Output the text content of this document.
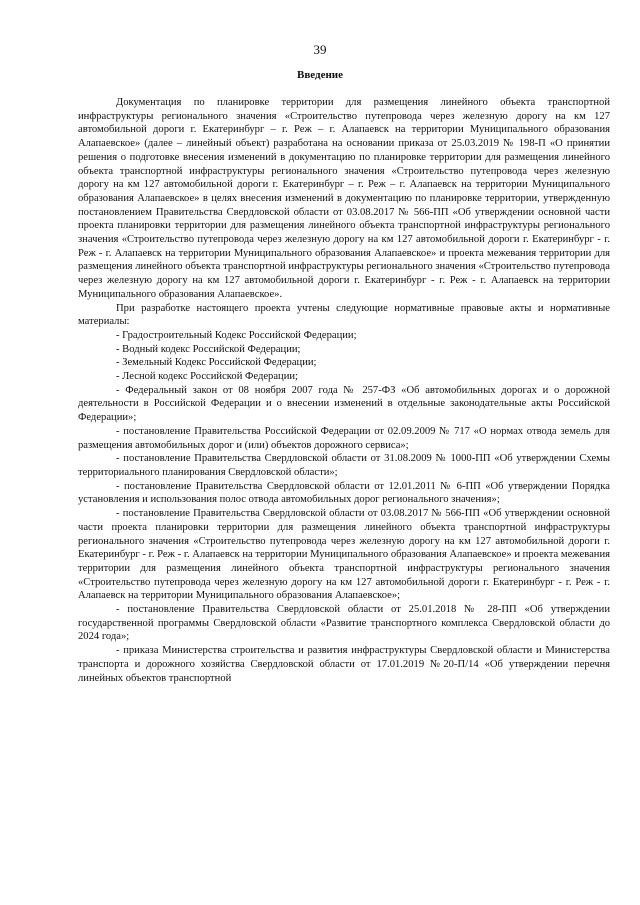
39
Введение

Документация по планировке территории для размещения линейного объекта транспортной инфраструктуры регионального значения «Строительство путепровода через железную дорогу на км 127 автомобильной дороги г. Екатеринбург – г. Реж – г. Алапаевск на территории Муниципального образования Алапаевское» (далее – линейный объект) разработана на основании приказа от 25.03.2019 № 198-П «О принятии решения о подготовке внесения изменений в документацию по планировке территории для размещения линейного объекта транспортной инфраструктуры регионального значения «Строительство путепровода через железную дорогу на км 127 автомобильной дороги г. Екатеринбург – г. Реж – г. Алапаевск на территории Муниципального образования Алапаевское» в целях внесения изменений в документацию по планировке территории, утвержденную постановлением Правительства Свердловской области от 03.08.2017 № 566-ПП «Об утверждении основной части проекта планировки территории для размещения линейного объекта транспортной инфраструктуры регионального значения «Строительство путепровода через железную дорогу на км 127 автомобильной дороги г. Екатеринбург - г. Реж - г. Алапаевск на территории Муниципального образования Алапаевское» и проекта межевания территории для размещения линейного объекта транспортной инфраструктуры регионального значения «Строительство путепровода через железную дорогу на км 127 автомобильной дороги г. Екатеринбург - г. Реж - г. Алапаевск на территории Муниципального образования Алапаевское».

При разработке настоящего проекта учтены следующие нормативные правовые акты и нормативные материалы:

- Градостроительный Кодекс Российской Федерации;
- Водный кодекс Российской Федерации;
- Земельный Кодекс Российской Федерации;
- Лесной кодекс Российской Федерации;
- Федеральный закон от 08 ноября 2007 года № 257-ФЗ «Об автомобильных дорогах и о дорожной деятельности в Российской Федерации и о внесении изменений в отдельные законодательные акты Российской Федерации»;
- постановление Правительства Российской Федерации от 02.09.2009 № 717 «О нормах отвода земель для размещения автомобильных дорог и (или) объектов дорожного сервиса»;
- постановление Правительства Свердловской области от 31.08.2009 № 1000-ПП «Об утверждении Схемы территориального планирования Свердловской области»;
- постановление Правительства Свердловской области от 12.01.2011 № 6-ПП «Об утверждении Порядка установления и использования полос отвода автомобильных дорог регионального значения»;
- постановление Правительства Свердловской области от 03.08.2017 № 566-ПП «Об утверждении основной части проекта планировки территории для размещения линейного объекта транспортной инфраструктуры регионального значения «Строительство путепровода через железную дорогу на км 127 автомобильной дороги г. Екатеринбург - г. Реж - г. Алапаевск на территории Муниципального образования Алапаевское» и проекта межевания территории для размещения линейного объекта транспортной инфраструктуры регионального значения «Строительство путепровода через железную дорогу на км 127 автомобильной дороги г. Екатеринбург - г. Реж - г. Алапаевск на территории Муниципального образования Алапаевское»;
- постановление Правительства Свердловской области от 25.01.2018 № 28-ПП «Об утверждении государственной программы Свердловской области «Развитие транспортного комплекса Свердловской области до 2024 года»;
- приказа Министерства строительства и развития инфраструктуры Свердловской области и Министерства транспорта и дорожного хозяйства Свердловской области от 17.01.2019 №20-П/14 «Об утверждении перечня линейных объектов транспортной
